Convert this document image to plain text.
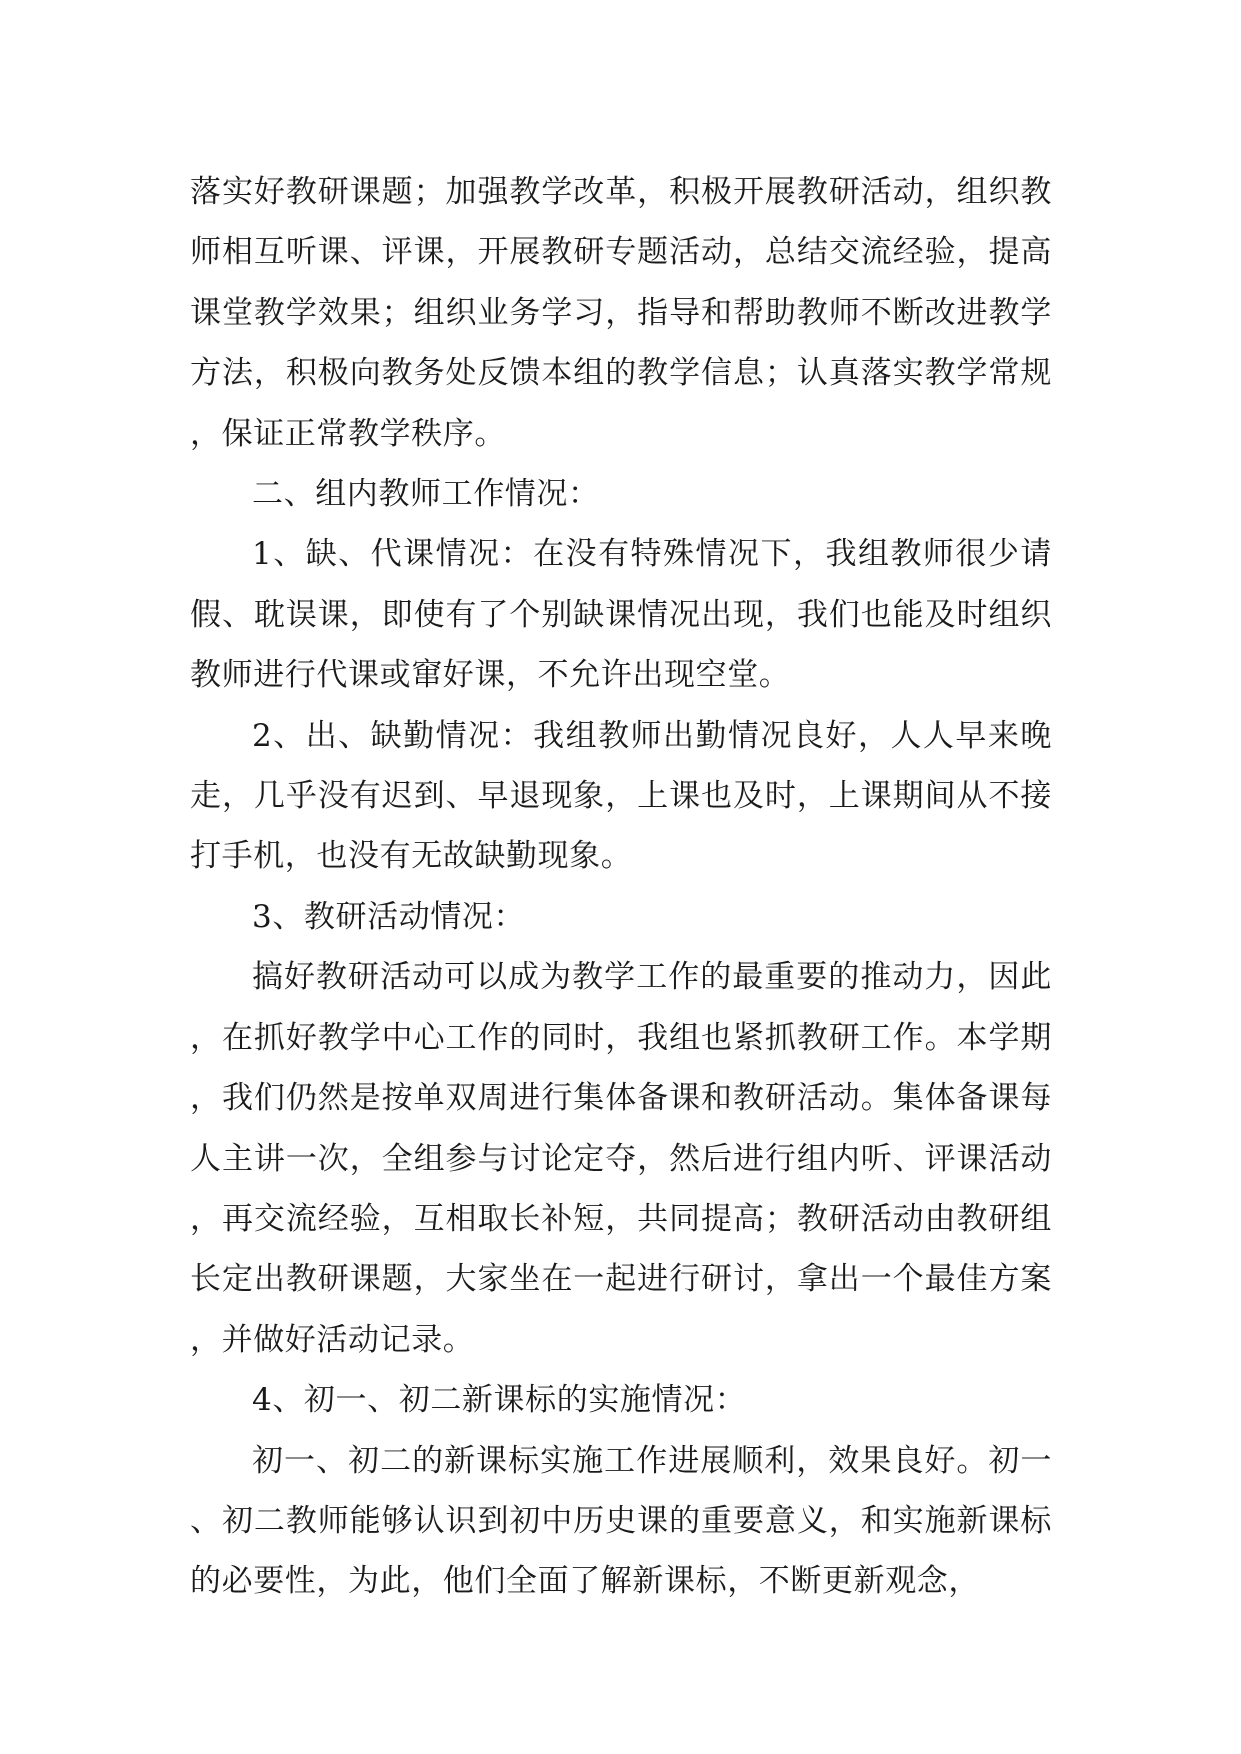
落实好教研课题；加强教学改革，积极开展教研活动，组织教师相互听课、评课，开展教研专题活动，总结交流经验，提高课堂教学效果；组织业务学习，指导和帮助教师不断改进教学方法，积极向教务处反馈本组的教学信息；认真落实教学常规，保证正常教学秩序。

二、组内教师工作情况：

1、缺、代课情况：在没有特殊情况下，我组教师很少请假、耽误课，即使有了个别缺课情况出现，我们也能及时组织教师进行代课或窜好课，不允许出现空堂。

2、出、缺勤情况：我组教师出勤情况良好，人人早来晚走，几乎没有迟到、早退现象，上课也及时，上课期间从不接打手机，也没有无故缺勤现象。

3、教研活动情况：

搞好教研活动可以成为教学工作的最重要的推动力，因此，在抓好教学中心工作的同时，我组也紧抓教研工作。本学期，我们仍然是按单双周进行集体备课和教研活动。集体备课每人主讲一次，全组参与讨论定夺，然后进行组内听、评课活动，再交流经验，互相取长补短，共同提高；教研活动由教研组长定出教研课题，大家坐在一起进行研讨，拿出一个最佳方案，并做好活动记录。

4、初一、初二新课标的实施情况：

初一、初二的新课标实施工作进展顺利，效果良好。初一、初二教师能够认识到初中历史课的重要意义，和实施新课标的必要性，为此，他们全面了解新课标，不断更新观念，
